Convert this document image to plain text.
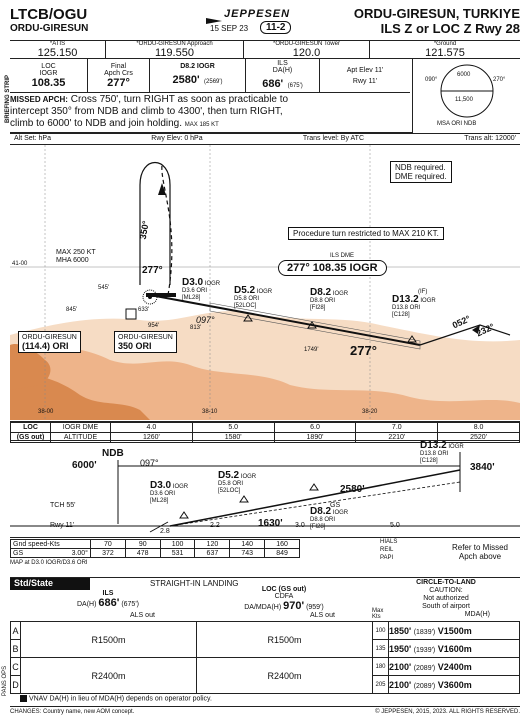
LTCB/OGU
ORDU-GIRESUN
JEPPESEN
15 SEP 23	11-2
ORDU-GIRESUN, TURKIYE
ILS Z or LOC Z Rwy 28
BRIEFING STRIP
*ATIS
125.150
*ORDU-GIRESUN Approach
119.550
*ORDU-GIRESUN Tower
120.0
*Ground
121.575
LOC
IOGR
108.35
Final
Apch Crs
277°
D8.2 IOGR
2580' (2569')
ILS
DA(H)
686' (675')
Apt Elev 11'
Rwy 11'
6000
270°
090°
11,500
MSA ORI NDB
MISSED APCH: Cross 750', turn RIGHT as soon as practicable to
intercept 350° from NDB and climb to 4300', then turn RIGHT,
climb to 6000' to NDB and join holding. MAX 185 KT
Alt Set: hPa	Rwy Elev: 0 hPa	Trans level: By ATC	Trans alt: 12000'
NDB required.
DME required.
Procedure turn restricted to MAX 210 KT.
350°
MAX 250 KT
MHA 6000
277°
ILS DME
277° 108.35 IOGR
D3.0 IOGR
D3.6 ORI
[ML28]
D5.2 IOGR
D5.8 ORI
[52LOC]
D8.2 IOGR
D8.8 ORI
[FI28]
(IF)
D13.2 IOGR
D13.8 ORI
[C128]	052° 232°
277°
097°
ORDU-GIRESUN
(114.4) ORI
ORDU-GIRESUN
350 ORI
545'
845'	633'
954'	813'
1749'
41-00
38-00	38-10	38-20
LOC	IOGR DME	4.0	5.0	6.0	7.0	8.0
(GS out)	ALTITUDE	1260'	1580'	1890'	2210'	2520'
NDB
6000'	097°
D13.2 IOGR
D13.8 ORI
[C128]
3840'
D5.2 IOGR
D5.8 ORI
[52LOC]
D3.0 IOGR
D3.6 ORI
[ML28]
2580'
GS
D8.2 IOGR
D8.8 ORI
[FI28]
TCH 55'
Rwy 11'	1630'
2.8
2.2	3.0	5.0
Gnd speed-Kts	70	90	100	120	140	160
GS 3.00°	372	478	531	637	743	849
MAP at D3.0 IOGR/D3.6 ORI
HIALS
REIL
PAPI
Refer to Missed Apch above
Std/State	STRAIGHT-IN LANDING
ILS
DA(H) 686' (675')
LOC (GS out)
CDFA
DA/MDA(H) 970' (959')
CIRCLE-TO-LAND
CAUTION:
Not authorized
South of airport
MDA(H)
Max Kts
ALS out	ALS out
A	R1500m	R1500m	100	1850' (1839') V1500m
B			135	1950' (1939') V1600m
C	R2400m	R2400m	180	2100' (2089') V2400m
D			205	2100' (2089') V3600m
VNAV DA(H) in lieu of MDA(H) depends on operator policy.
PANS OPS
CHANGES: Country name, new AOM concept.	© JEPPESEN, 2015, 2023. ALL RIGHTS RESERVED.
